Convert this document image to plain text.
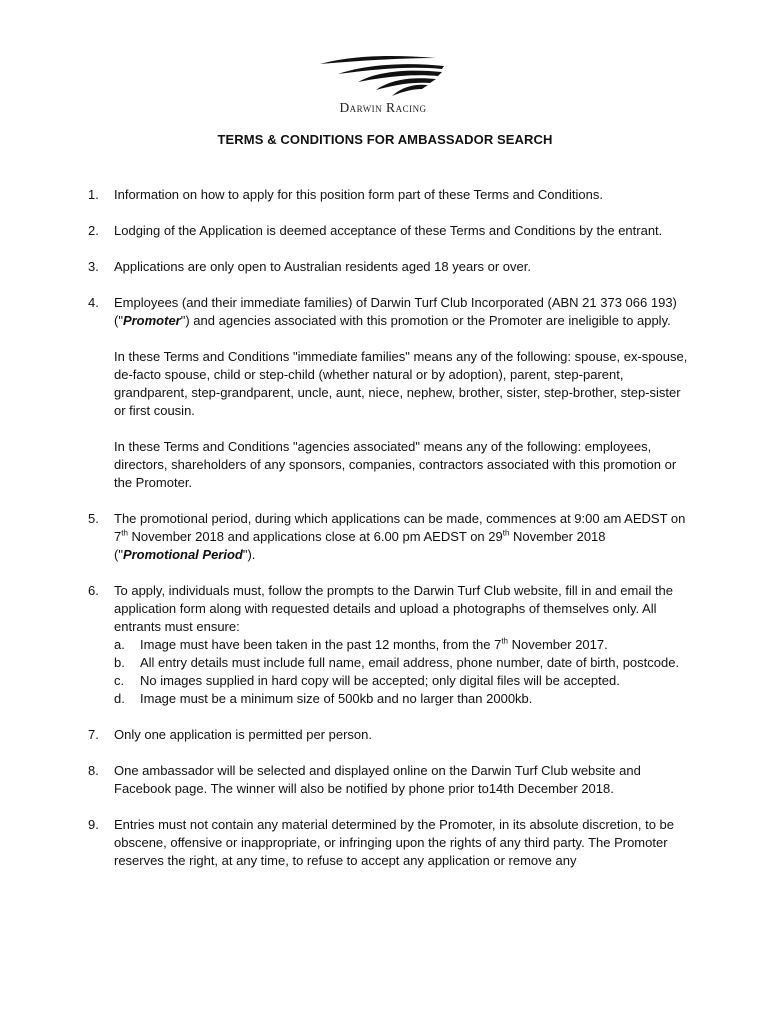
Darwin Racing
TERMS & CONDITIONS FOR AMBASSADOR SEARCH
1.	Information on how to apply for this position form part of these Terms and Conditions.
2.	Lodging of the Application is deemed acceptance of these Terms and Conditions by the entrant.
3.	Applications are only open to Australian residents aged 18 years or over.
4.	Employees (and their immediate families) of Darwin Turf Club Incorporated (ABN 21 373 066 193) ("Promoter") and agencies associated with this promotion or the Promoter are ineligible to apply.

In these Terms and Conditions "immediate families" means any of the following: spouse, ex-spouse, de-facto spouse, child or step-child (whether natural or by adoption), parent, step-parent, grandparent, step-grandparent, uncle, aunt, niece, nephew, brother, sister, step-brother, step-sister or first cousin.

In these Terms and Conditions "agencies associated" means any of the following: employees, directors, shareholders of any sponsors, companies, contractors associated with this promotion or the Promoter.

5.	The promotional period, during which applications can be made, commences at 9:00 am AEDST on 7th November 2018 and applications close at 6.00 pm AEDST on 29th November 2018 ("Promotional Period").
6.	To apply, individuals must, follow the prompts to the Darwin Turf Club website, fill in and email the application form along with requested details and upload a photographs of themselves only. All entrants must ensure:
a.	Image must have been taken in the past 12 months, from the 7th November 2017.
b.	All entry details must include full name, email address, phone number, date of birth, postcode.
c.	No images supplied in hard copy will be accepted; only digital files will be accepted.
d.	Image must be a minimum size of 500kb and no larger than 2000kb.
7.	Only one application is permitted per person.
8.	One ambassador will be selected and displayed online on the Darwin Turf Club website and Facebook page. The winner will also be notified by phone prior to14th December 2018.
9.	Entries must not contain any material determined by the Promoter, in its absolute discretion, to be obscene, offensive or inappropriate, or infringing upon the rights of any third party. The Promoter reserves the right, at any time, to refuse to accept any application or remove any
